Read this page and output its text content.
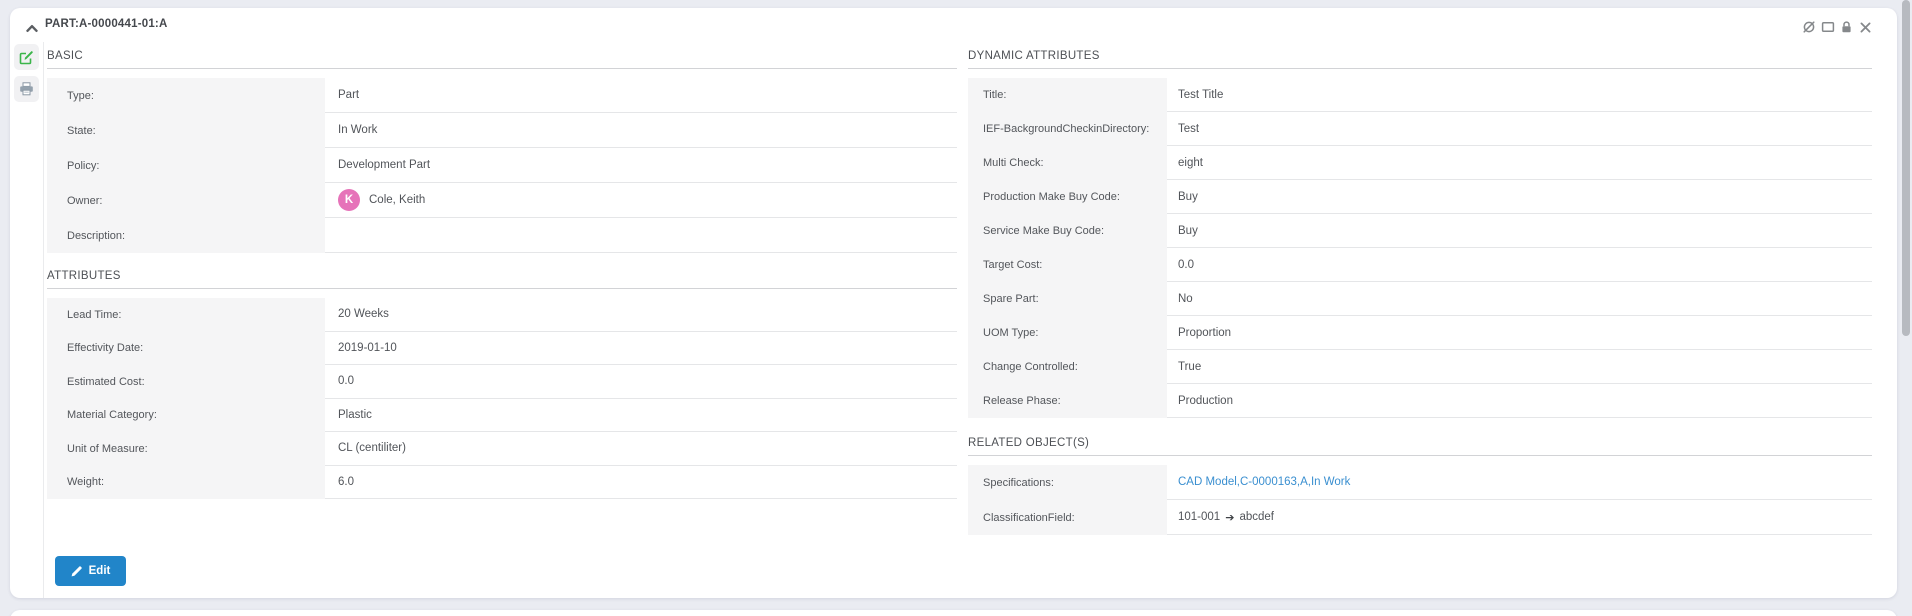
PART:A-0000441-01:A
BASIC
Type:	Part
State:	In Work
Policy:	Development Part
Owner:	K	Cole, Keith
Description:
ATTRIBUTES
Lead Time:	20 Weeks
Effectivity Date:	2019-01-10
Estimated Cost:	0.0
Material Category:	Plastic
Unit of Measure:	CL (centiliter)
Weight:	6.0
DYNAMIC ATTRIBUTES
Title:	Test Title
IEF-BackgroundCheckinDirectory:	Test
Multi Check:	eight
Production Make Buy Code:	Buy
Service Make Buy Code:	Buy
Target Cost:	0.0
Spare Part:	No
UOM Type:	Proportion
Change Controlled:	True
Release Phase:	Production
RELATED OBJECT(S)
Specifications:	CAD Model,C-0000163,A,In Work
ClassificationField:	101-001 ➔ abcdef
Edit
